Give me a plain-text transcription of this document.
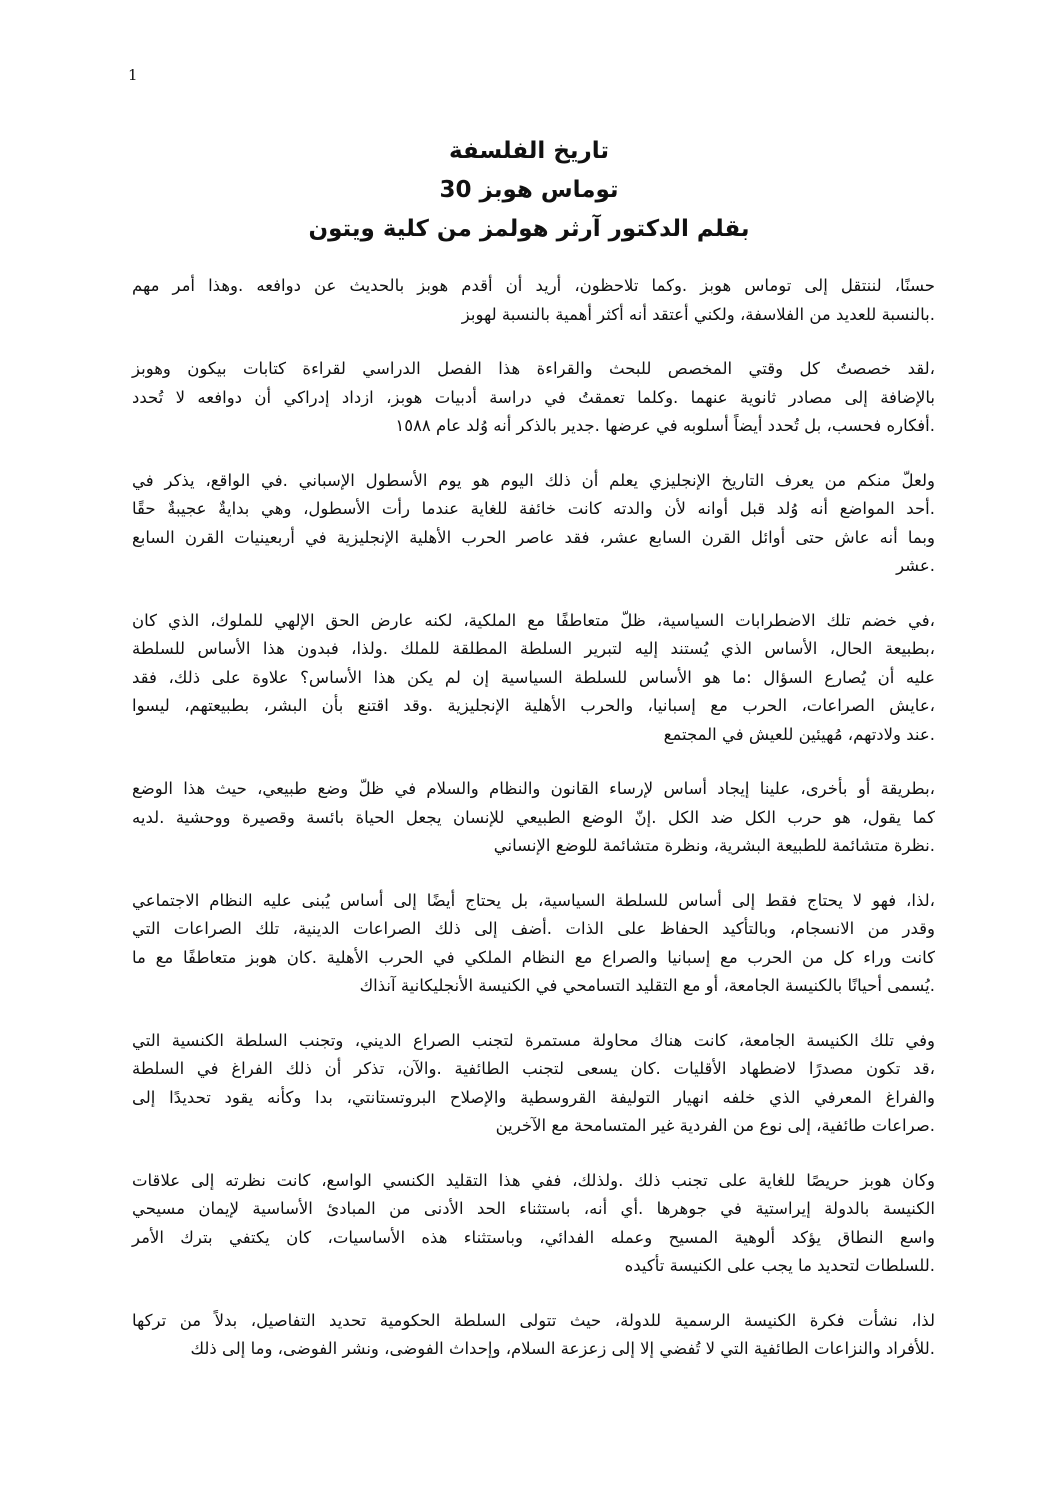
1
تاريخ الفلسفة
توماس هوبز 30
بقلم الدكتور آرثر هولمز من كلية ويتون
حسنًا، لننتقل إلى توماس هوبز .وكما تلاحظون، أريد أن أقدم هوبز بالحديث عن دوافعه .وهذا أمر مهم
.بالنسبة للعديد من الفلاسفة، ولكني أعتقد أنه أكثر أهمية بالنسبة لهوبز
،لقد خصصتُ كل وقتي المخصص للبحث والقراءة هذا الفصل الدراسي لقراءة كتابات بيكون وهوبز
بالإضافة إلى مصادر ثانوية عنهما .وكلما تعمقتُ في دراسة أدبيات هوبز، ازداد إدراكي أن دوافعه لا تُحدد
.أفكاره فحسب، بل تُحدد أيضاً أسلوبه في عرضها .جدير بالذكر أنه وُلد عام ١٥٨٨
ولعلّ منكم من يعرف التاريخ الإنجليزي يعلم أن ذلك اليوم هو يوم الأسطول الإسباني .في الواقع، يذكر في
.أحد المواضع أنه وُلد قبل أوانه لأن والدته كانت خائفة للغاية عندما رأت الأسطول، وهي بدايةٌ عجيبةٌ حقًا
وبما أنه عاش حتى أوائل القرن السابع عشر، فقد عاصر الحرب الأهلية الإنجليزية في أربعينيات القرن السابع
.عشر
،في خضم تلك الاضطرابات السياسية، ظلّ متعاطفًا مع الملكية، لكنه عارض الحق الإلهي للملوك، الذي كان
،بطبيعة الحال، الأساس الذي يُستند إليه لتبرير السلطة المطلقة للملك .ولذا، فبدون هذا الأساس للسلطة
عليه أن يُصارع السؤال :ما هو الأساس للسلطة السياسية إن لم يكن هذا الأساس؟ علاوة على ذلك، فقد
،عايش الصراعات، الحرب مع إسبانيا، والحرب الأهلية الإنجليزية .وقد اقتنع بأن البشر، بطبيعتهم، ليسوا
.عند ولادتهم، مُهيئين للعيش في المجتمع
،بطريقة أو بأخرى، علينا إيجاد أساس لإرساء القانون والنظام والسلام في ظلّ وضع طبيعي، حيث هذا الوضع
كما يقول، هو حرب الكل ضد الكل .إنّ الوضع الطبيعي للإنسان يجعل الحياة بائسة وقصيرة ووحشية .لديه
.نظرة متشائمة للطبيعة البشرية، ونظرة متشائمة للوضع الإنساني
،لذا، فهو لا يحتاج فقط إلى أساس للسلطة السياسية، بل يحتاج أيضًا إلى أساس يُبنى عليه النظام الاجتماعي
وقدر من الانسجام، وبالتأكيد الحفاظ على الذات .أضف إلى ذلك الصراعات الدينية، تلك الصراعات التي
كانت وراء كل من الحرب مع إسبانيا والصراع مع النظام الملكي في الحرب الأهلية .كان هوبز متعاطفًا مع ما
.يُسمى أحيانًا بالكنيسة الجامعة، أو مع التقليد التسامحي في الكنيسة الأنجليكانية آنذاك
وفي تلك الكنيسة الجامعة، كانت هناك محاولة مستمرة لتجنب الصراع الديني، وتجنب السلطة الكنسية التي
،قد تكون مصدرًا لاضطهاد الأقليات .كان يسعى لتجنب الطائفية .والآن، تذكر أن ذلك الفراغ في السلطة
والفراغ المعرفي الذي خلفه انهيار التوليفة القروسطية والإصلاح البروتستانتي، بدا وكأنه يقود تحديدًا إلى
.صراعات طائفية، إلى نوع من الفردية غير المتسامحة مع الآخرين
وكان هوبز حريصًا للغاية على تجنب ذلك .ولذلك، ففي هذا التقليد الكنسي الواسع، كانت نظرته إلى علاقات
الكنيسة بالدولة إيراستية في جوهرها .أي أنه، باستثناء الحد الأدنى من المبادئ الأساسية لإيمان مسيحي
واسع النطاق يؤكد ألوهية المسيح وعمله الفدائي، وباستثناء هذه الأساسيات، كان يكتفي بترك الأمر
.للسلطات لتحديد ما يجب على الكنيسة تأكيده
لذا، نشأت فكرة الكنيسة الرسمية للدولة، حيث تتولى السلطة الحكومية تحديد التفاصيل، بدلاً من تركها
.للأفراد والنزاعات الطائفية التي لا تُفضي إلا إلى زعزعة السلام، وإحداث الفوضى، ونشر الفوضى، وما إلى ذلك
